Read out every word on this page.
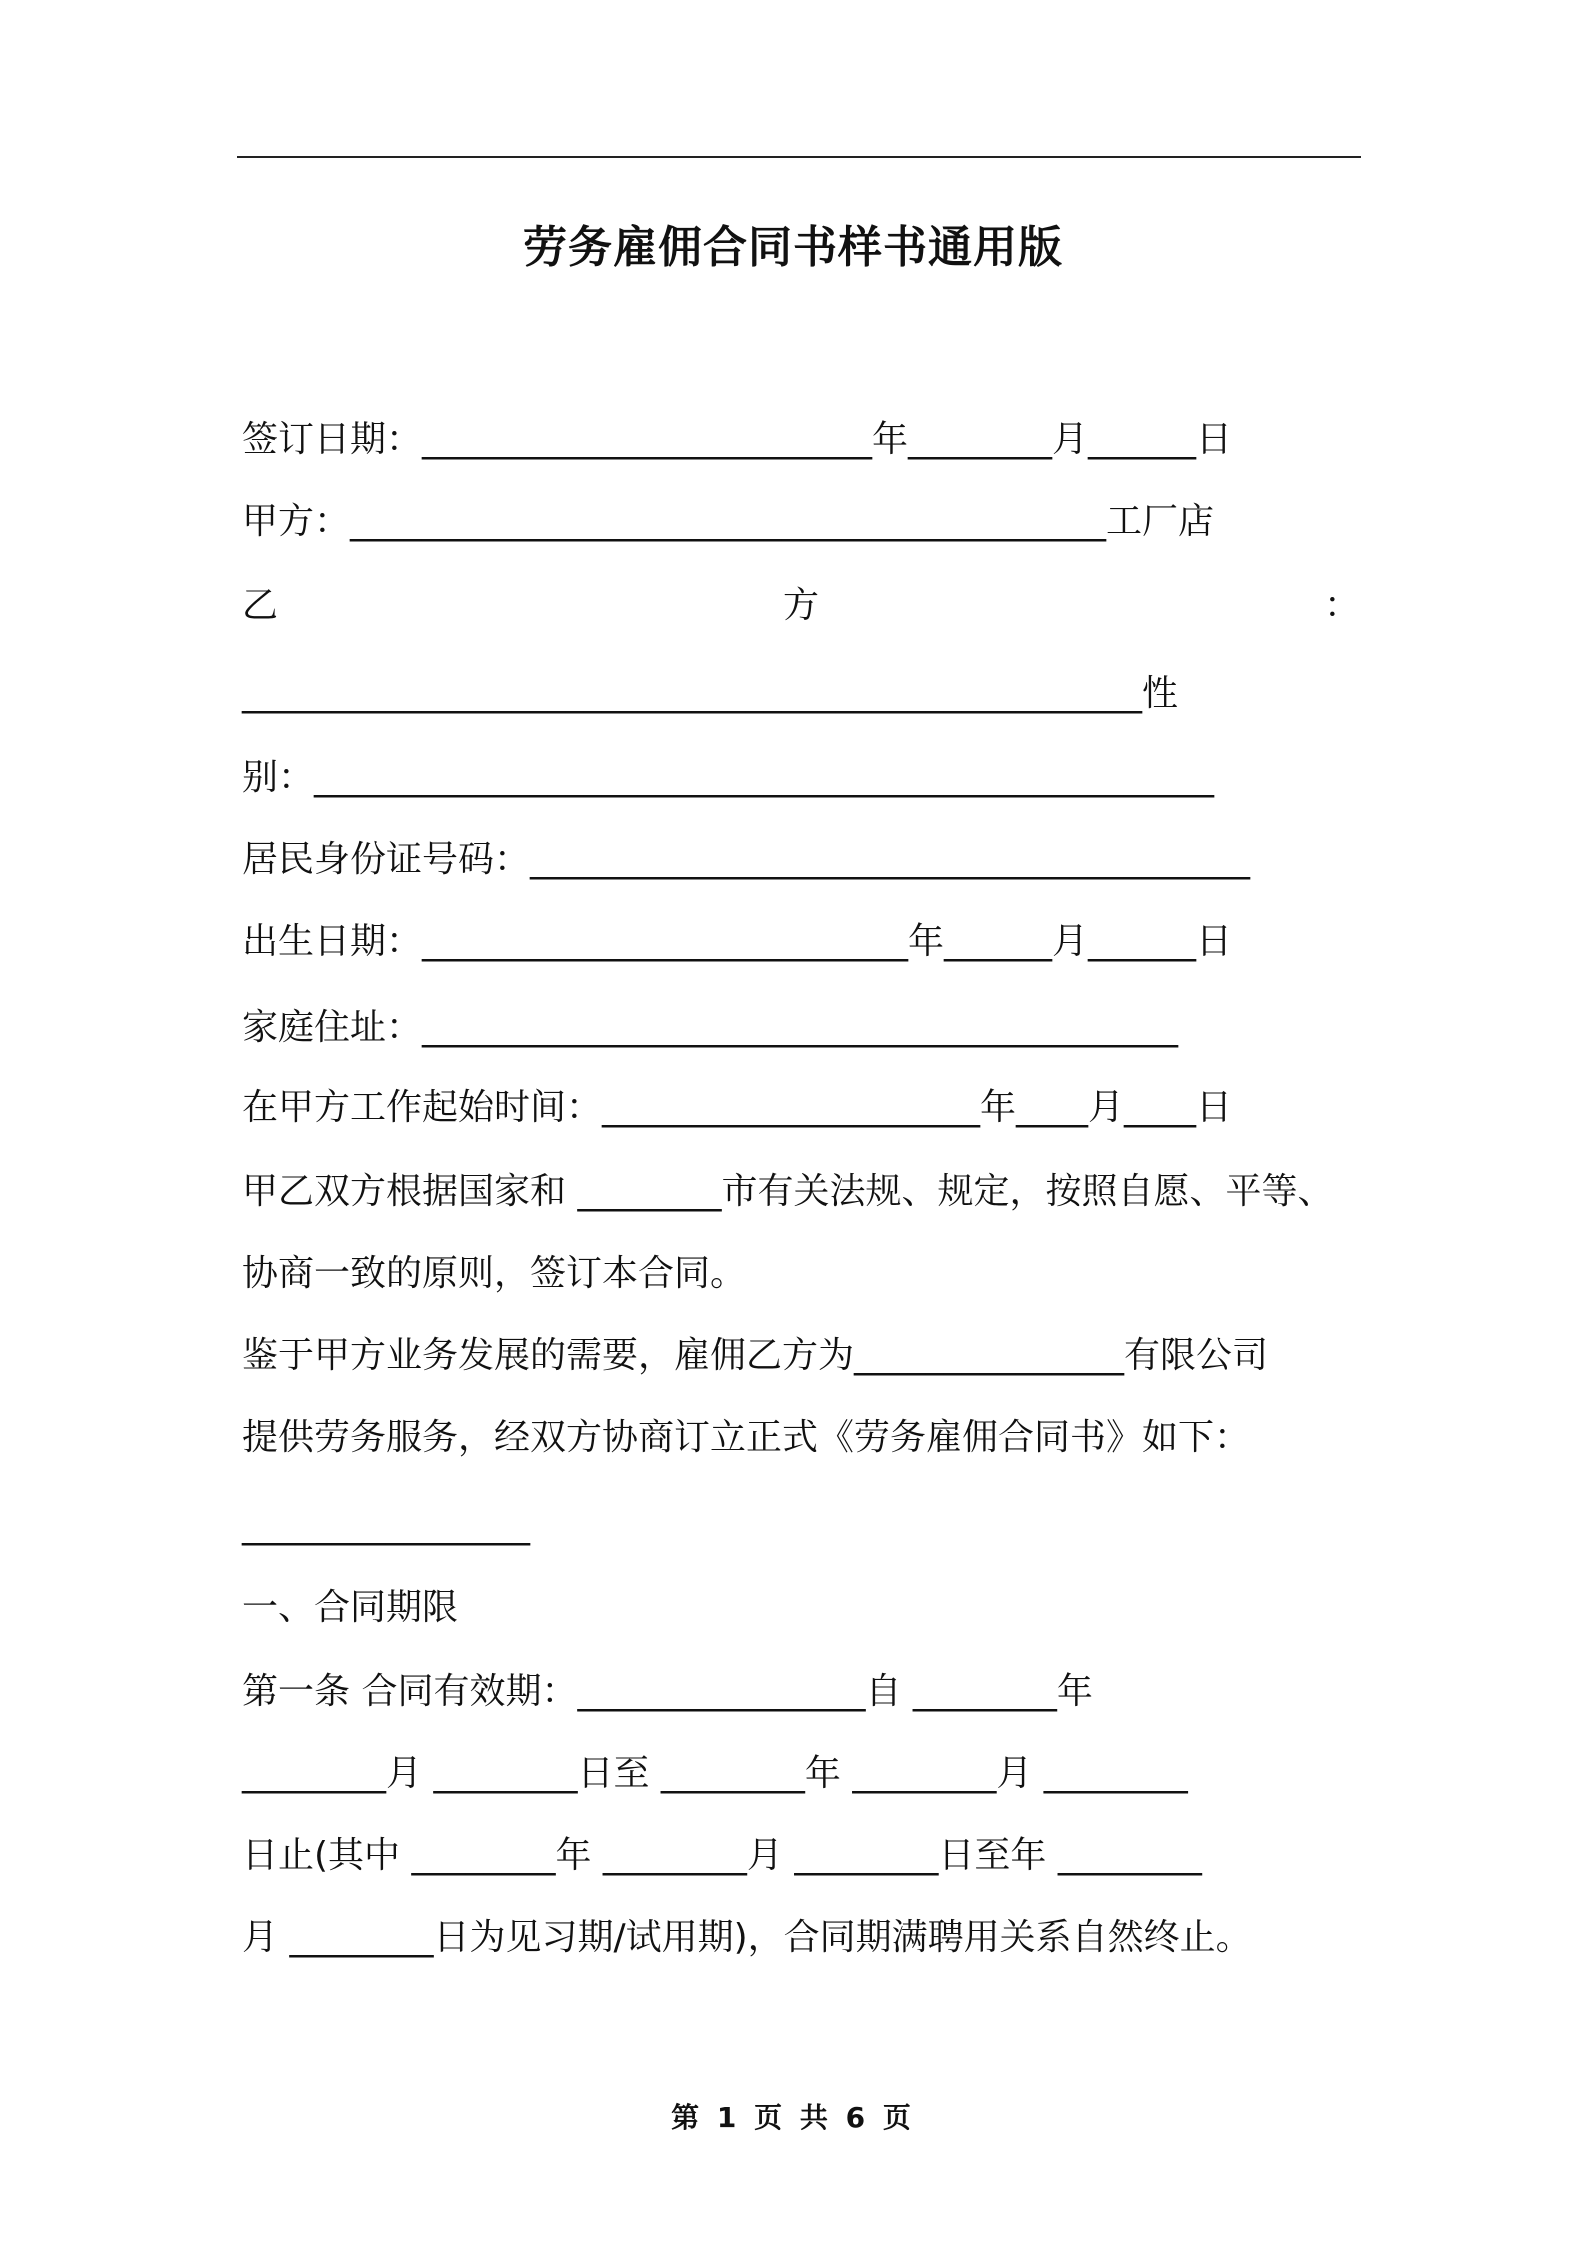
劳务雇佣合同书样书通用版
签订日期：_________________________年________月______日
甲方：__________________________________________工厂店
乙	方	：
__________________________________________________性
别：__________________________________________________
居民身份证号码：________________________________________
出生日期：___________________________年______月______日
家庭住址：__________________________________________
在甲方工作起始时间：_____________________年____月____日
甲乙双方根据国家和 ________市有关法规、规定，按照自愿、平等、
协商一致的原则，签订本合同。
鉴于甲方业务发展的需要，雇佣乙方为_______________有限公司
提供劳务服务，经双方协商订立正式《劳务雇佣合同书》如下：
________________
一、合同期限
第一条 合同有效期：________________自 ________年
________月 ________日至 ________年 ________月 ________
日止(其中 ________年 ________月 ________日至年 ________
月 ________日为见习期/试用期)，合同期满聘用关系自然终止。
第 1 页 共 6 页
